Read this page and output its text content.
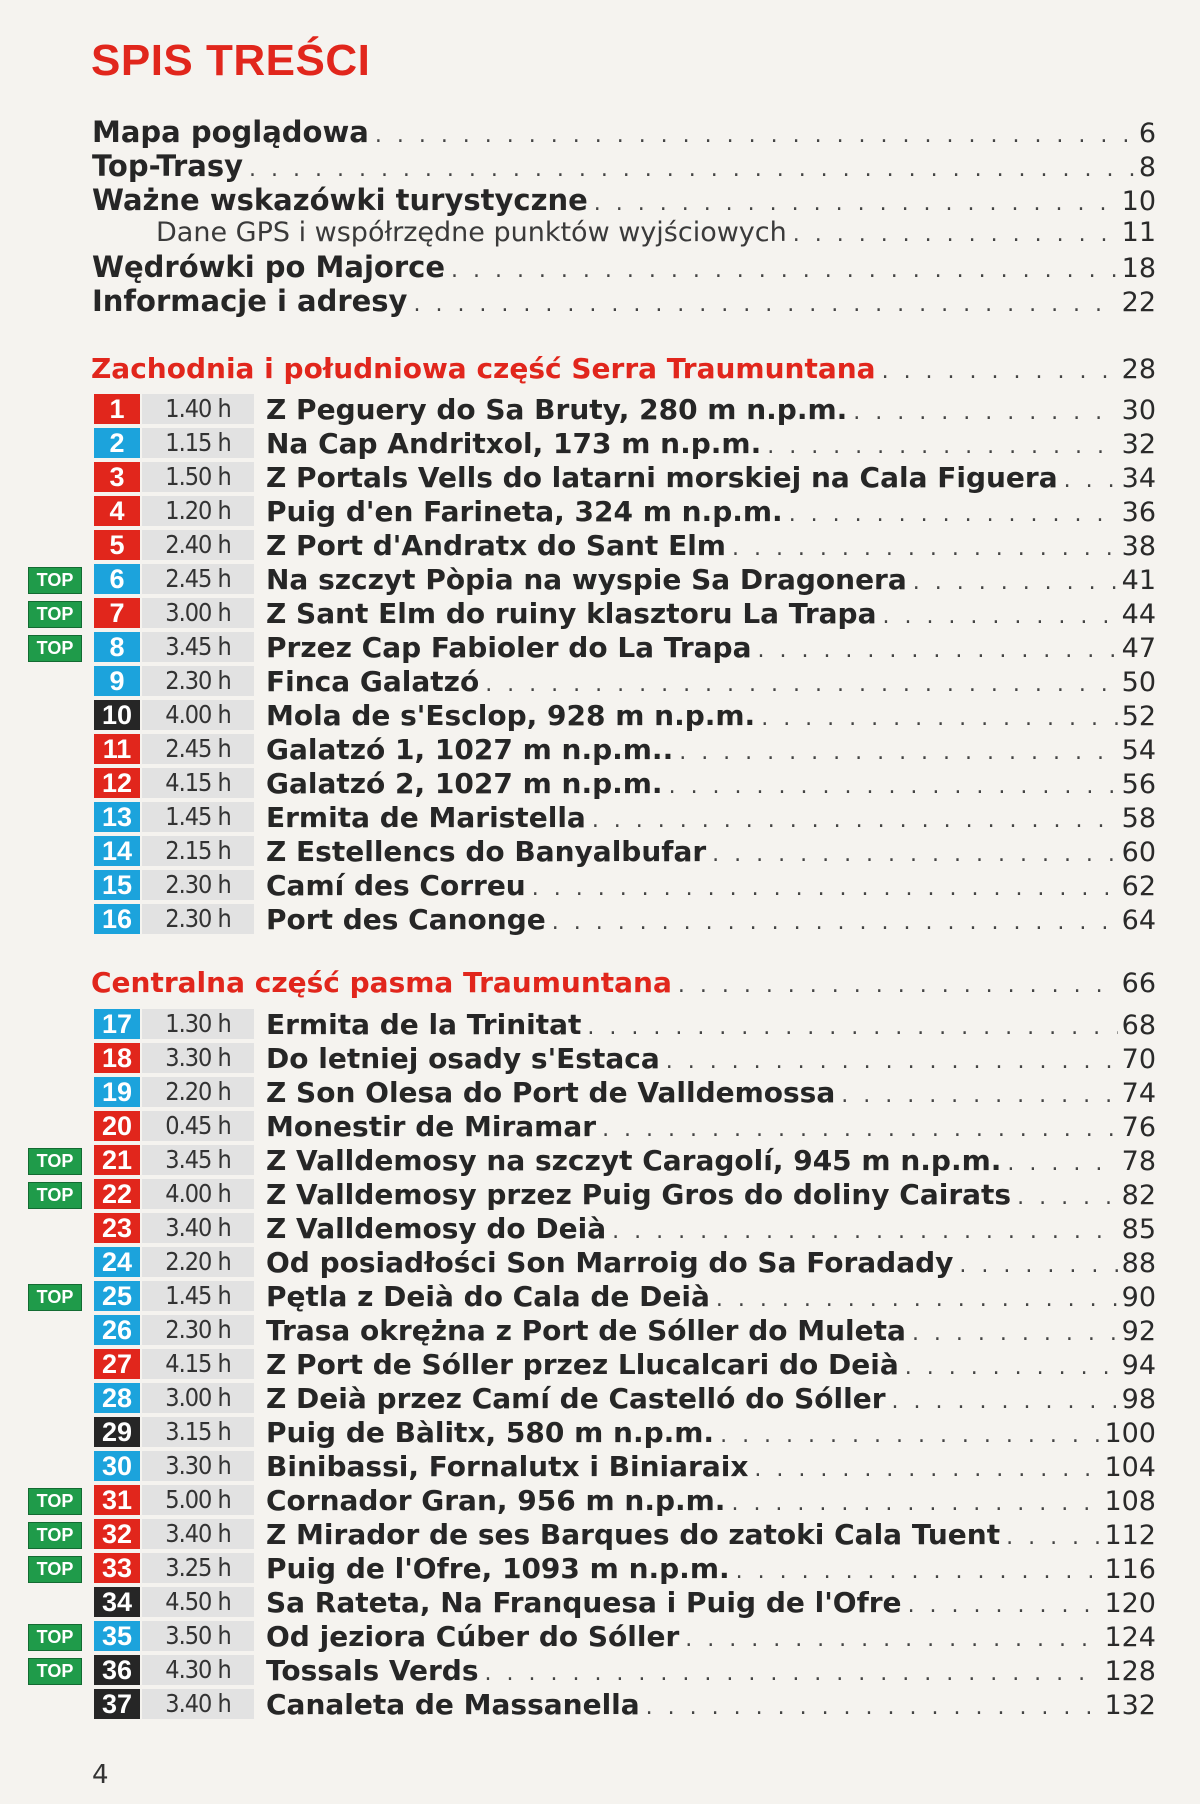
SPIS TREŚCI
4
Mapa poglądowa . . .	6
Top-Trasy . . .	8
Ważne wskazówki turystyczne . . .	10
Dane GPS i współrzędne punktów wyjściowych . . .	11
Wędrówki po Majorce . . .	18
Informacje i adresy . . .	22
Zachodnia i południowa część Serra Traumuntana . . .	28
1	1.40 h	Z Peguery do Sa Bruty, 280 m n.p.m. . . .	30
2	1.15 h	Na Cap Andritxol, 173 m n.p.m. . . .	32
3	1.50 h	Z Portals Vells do latarni morskiej na Cala Figuera . . . 34
4	1.20 h	Puig d'en Farineta, 324 m n.p.m. . . .	36
5	2.40 h	Z Port d'Andratx do Sant Elm . . .	38
TOP	6	2.45 h	Na szczyt Pòpia na wyspie Sa Dragonera . . .	41
TOP	7	3.00 h	Z Sant Elm do ruiny klasztoru La Trapa . . .	44
TOP	8	3.45 h	Przez Cap Fabioler do La Trapa . . .	47
9	2.30 h	Finca Galatzó . . .	50
10	4.00 h	Mola de s'Esclop, 928 m n.p.m. . . .	52
11	2.45 h	Galatzó 1, 1027 m n.p.m.. . . .	54
12	4.15 h	Galatzó 2, 1027 m n.p.m. . . .	56
13	1.45 h	Ermita de Maristella . . .	58
14	2.15 h	Z Estellencs do Banyalbufar . . .	60
15	2.30 h	Camí des Correu . . .	62
16	2.30 h	Port des Canonge . . .	64
Centralna część pasma Traumuntana . . .	66
17	1.30 h	Ermita de la Trinitat . . .	68
18	3.30 h	Do letniej osady s'Estaca . . .	70
19	2.20 h	Z Son Olesa do Port de Valldemossa . . .	74
20	0.45 h	Monestir de Miramar . . .	76
TOP	21	3.45 h	Z Valldemosy na szczyt Caragolí, 945 m n.p.m. . . .	78
TOP	22	4.00 h	Z Valldemosy przez Puig Gros do doliny Cairats . . .	82
23	3.40 h	Z Valldemosy do Deià . . .	85
24	2.20 h	Od posiadłości Son Marroig do Sa Foradady . . .	88
TOP	25	1.45 h	Pętla z Deià do Cala de Deià . . .	90
26	2.30 h	Trasa okrężna z Port de Sóller do Muleta . . .	92
27	4.15 h	Z Port de Sóller przez Llucalcari do Deià . . .	94
28	3.00 h	Z Deià przez Camí de Castelló do Sóller . . .	98
29	3.15 h	Puig de Bàlitx, 580 m n.p.m. . . .	100
30	3.30 h	Binibassi, Fornalutx i Biniaraix . . .	104
TOP	31	5.00 h	Cornador Gran, 956 m n.p.m. . . .	108
TOP	32	3.40 h	Z Mirador de ses Barques do zatoki Cala Tuent . . .	112
TOP	33	3.25 h	Puig de l'Ofre, 1093 m n.p.m. . . .	116
34	4.50 h	Sa Rateta, Na Franquesa i Puig de l'Ofre . . .	120
TOP	35	3.50 h	Od jeziora Cúber do Sóller . . .	124
TOP	36	4.30 h	Tossals Verds . . .	128
37	3.40 h	Canaleta de Massanella . . .	132
